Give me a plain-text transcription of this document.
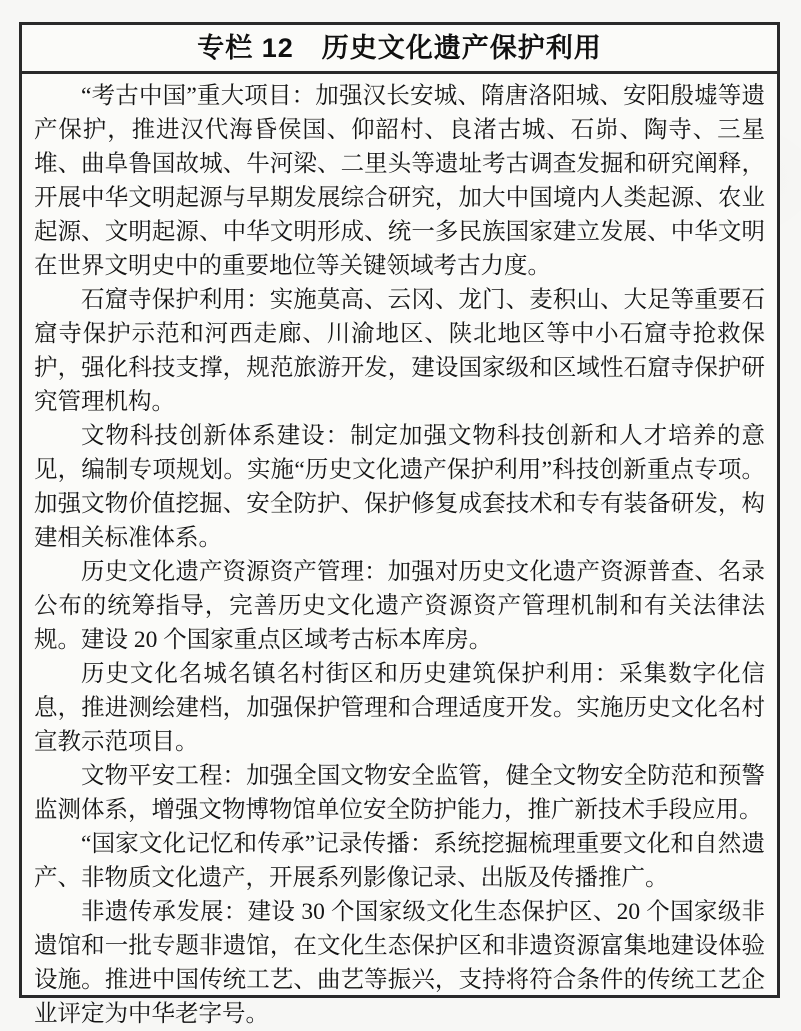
专栏 12　历史文化遗产保护利用

“考古中国”重大项目：加强汉长安城、隋唐洛阳城、安阳殷墟等遗产保护，推进汉代海昏侯国、仰韶村、良渚古城、石峁、陶寺、三星堆、曲阜鲁国故城、牛河梁、二里头等遗址考古调查发掘和研究阐释，开展中华文明起源与早期发展综合研究，加大中国境内人类起源、农业起源、文明起源、中华文明形成、统一多民族国家建立发展、中华文明在世界文明史中的重要地位等关键领域考古力度。

石窟寺保护利用：实施莫高、云冈、龙门、麦积山、大足等重要石窟寺保护示范和河西走廊、川渝地区、陕北地区等中小石窟寺抢救保护，强化科技支撑，规范旅游开发，建设国家级和区域性石窟寺保护研究管理机构。

文物科技创新体系建设：制定加强文物科技创新和人才培养的意见，编制专项规划。实施“历史文化遗产保护利用”科技创新重点专项。加强文物价值挖掘、安全防护、保护修复成套技术和专有装备研发，构建相关标准体系。

历史文化遗产资源资产管理：加强对历史文化遗产资源普查、名录公布的统筹指导，完善历史文化遗产资源资产管理机制和有关法律法规。建设 20 个国家重点区域考古标本库房。

历史文化名城名镇名村街区和历史建筑保护利用：采集数字化信息，推进测绘建档，加强保护管理和合理适度开发。实施历史文化名村宣教示范项目。

文物平安工程：加强全国文物安全监管，健全文物安全防范和预警监测体系，增强文物博物馆单位安全防护能力，推广新技术手段应用。

“国家文化记忆和传承”记录传播：系统挖掘梳理重要文化和自然遗产、非物质文化遗产，开展系列影像记录、出版及传播推广。

非遗传承发展：建设 30 个国家级文化生态保护区、20 个国家级非遗馆和一批专题非遗馆，在文化生态保护区和非遗资源富集地建设体验设施。推进中国传统工艺、曲艺等振兴，支持将符合条件的传统工艺企业评定为中华老字号。
